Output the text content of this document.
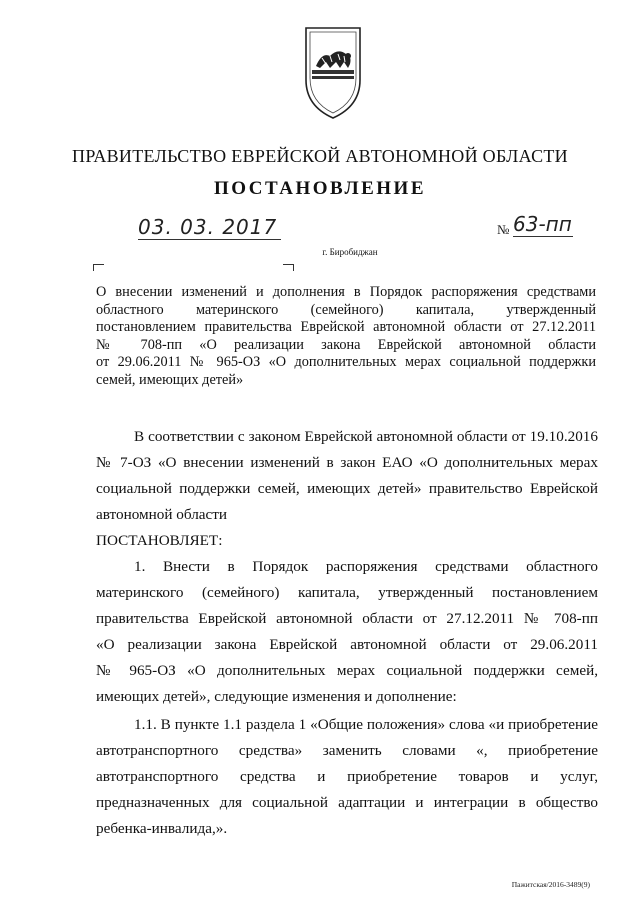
ПРАВИТЕЛЬСТВО ЕВРЕЙСКОЙ АВТОНОМНОЙ ОБЛАСТИ
ПОСТАНОВЛЕНИЕ
03. 03. 2017	№ 63-пп
г. Биробиджан
О внесении изменений и дополнения в Порядок распоряжения средствами
областного материнского (семейного) капитала, утвержденный
постановлением правительства Еврейской автономной области от 27.12.2011
№ 708-пп «О реализации закона Еврейской автономной области
от 29.06.2011 № 965-ОЗ «О дополнительных мерах социальной поддержки
семей, имеющих детей»
В соответствии с законом Еврейской автономной области от 19.10.2016
№ 7-ОЗ «О внесении изменений в закон ЕАО «О дополнительных мерах
социальной поддержки семей, имеющих детей» правительство Еврейской
автономной области
ПОСТАНОВЛЯЕТ:
1. Внести в Порядок распоряжения средствами областного
материнского (семейного) капитала, утвержденный постановлением
правительства Еврейской автономной области от 27.12.2011 № 708-пп
«О реализации закона Еврейской автономной области от 29.06.2011
№ 965-ОЗ «О дополнительных мерах социальной поддержки семей,
имеющих детей», следующие изменения и дополнение:
1.1. В пункте 1.1 раздела 1 «Общие положения» слова «и приобретение
автотранспортного средства» заменить словами «, приобретение
автотранспортного средства и приобретение товаров и услуг,
предназначенных для социальной адаптации и интеграции в общество
ребенка-инвалида,».
Пажитская/2016-3489(9)
